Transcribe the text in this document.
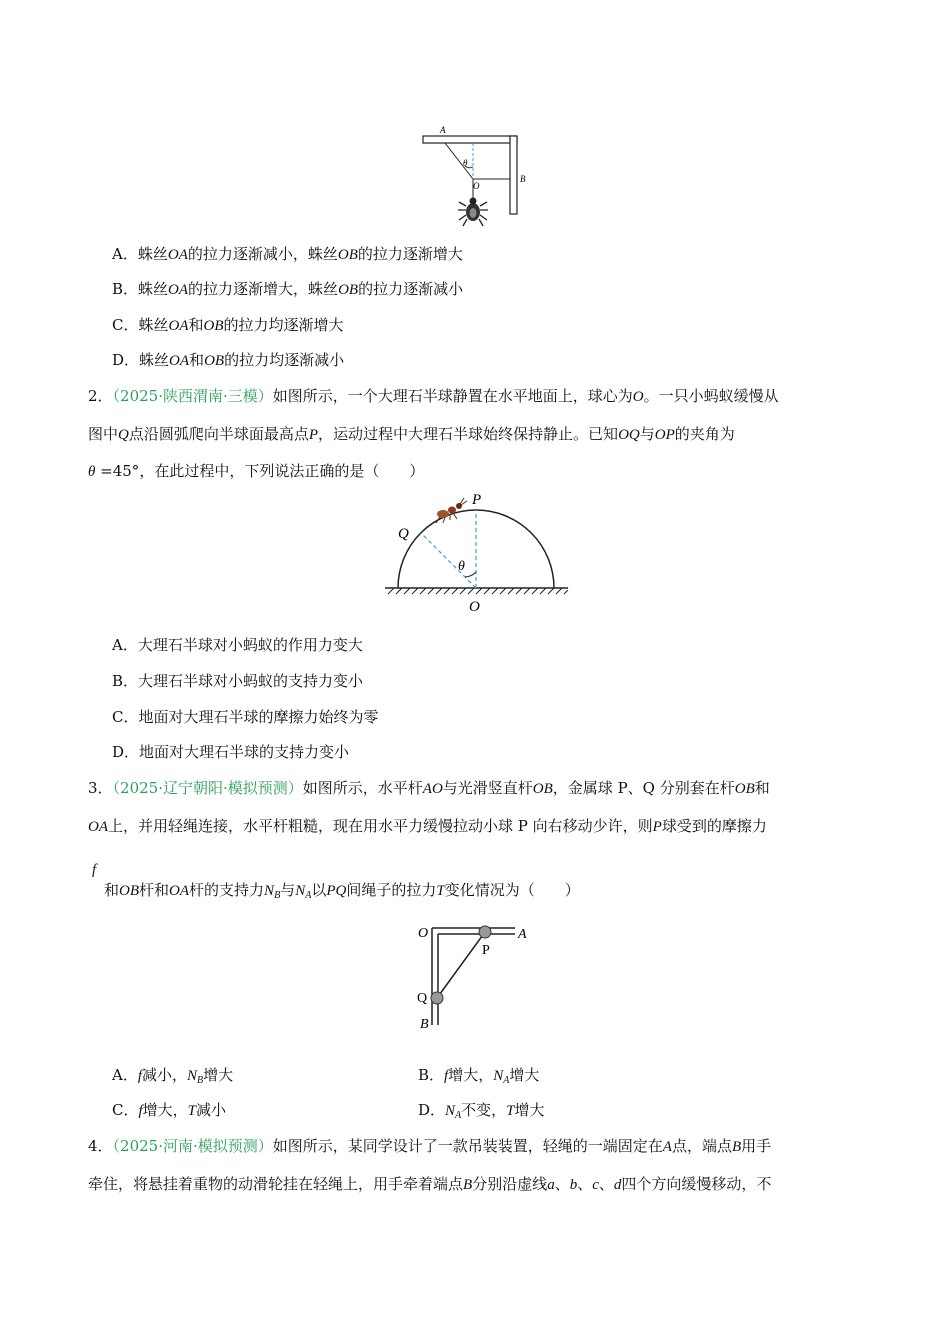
A
θ
O
B
A．蛛丝OA的拉力逐渐减小，蛛丝OB的拉力逐渐增大
B．蛛丝OA的拉力逐渐增大，蛛丝OB的拉力逐渐减小
C．蛛丝OA和OB的拉力均逐渐增大
D．蛛丝OA和OB的拉力均逐渐减小
2．（2025·陕西渭南·三模）如图所示，一个大理石半球静置在水平地面上，球心为O。一只小蚂蚁缓慢从
图中Q点沿圆弧爬向半球面最高点P，运动过程中大理石半球始终保持静止。已知OQ与OP的夹角为
θ =45°，在此过程中，下列说法正确的是（　　）
P
Q
θ
O
A．大理石半球对小蚂蚁的作用力变大
B．大理石半球对小蚂蚁的支持力变小
C．地面对大理石半球的摩擦力始终为零
D．地面对大理石半球的支持力变小
3．（2025·辽宁朝阳·模拟预测）如图所示，水平杆AO与光滑竖直杆OB，金属球 P、Q 分别套在杆OB和
OA上，并用轻绳连接，水平杆粗糙，现在用水平力缓慢拉动小球 P 向右移动少许，则P球受到的摩擦力
f
和OB杆和OA杆的支持力$N_B$与$N_A$以PQ间绳子的拉力T变化情况为（　　）
O	A
P
Q
B
A．f减小，$N_B$增大	B．f增大，$N_A$增大
C．f增大，T减小	D．$N_A$不变，T增大
4．（2025·河南·模拟预测）如图所示，某同学设计了一款吊装装置，轻绳的一端固定在A点，端点B用手
牵住，将悬挂着重物的动滑轮挂在轻绳上，用手牵着端点B分别沿虚线a、b、c、d四个方向缓慢移动，不
